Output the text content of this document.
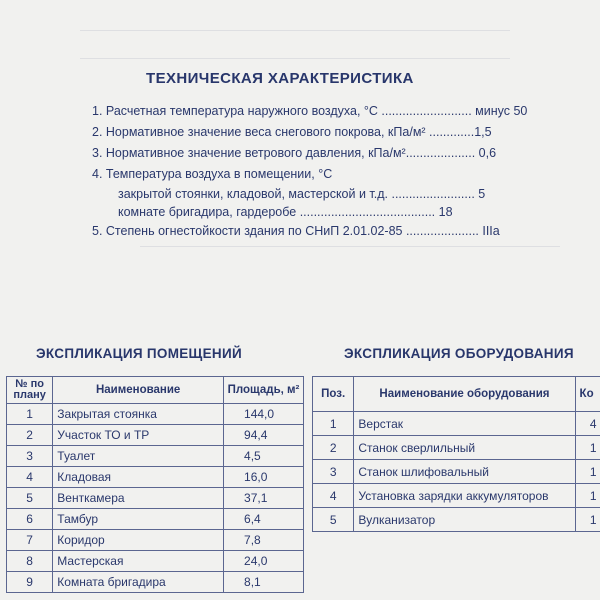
ТЕХНИЧЕСКАЯ ХАРАКТЕРИСТИКА
1. Расчетная температура наружного воздуха, °С .......................... минус 50
2. Нормативное значение веса снегового покрова, кПа/м² .............1,5
3. Нормативное значение ветрового давления, кПа/м².................... 0,6
4. Температура воздуха в помещении, °С
закрытой стоянки, кладовой, мастерской и т.д. ........................ 5
комнате бригадира, гардеробе ....................................... 18
5. Степень огнестойкости здания по СНиП 2.01.02-85 ..................... IIIa
ЭКСПЛИКАЦИЯ ПОМЕЩЕНИЙ	ЭКСПЛИКАЦИЯ ОБОРУДОВАНИЯ
№ по плану	Наименование	Площадь, м²
1	Закрытая стоянка	144,0
2	Участок ТО и ТР	94,4
3	Туалет	4,5
4	Кладовая	16,0
5	Венткамера	37,1
6	Тамбур	6,4
7	Коридор	7,8
8	Мастерская	24,0
9	Комната бригадира	8,1
Поз.	Наименование оборудования	Ко
1	Верстак	4
2	Станок сверлильный	1
3	Станок шлифовальный	1
4	Установка зарядки аккумуляторов	1
5	Вулканизатор	1
